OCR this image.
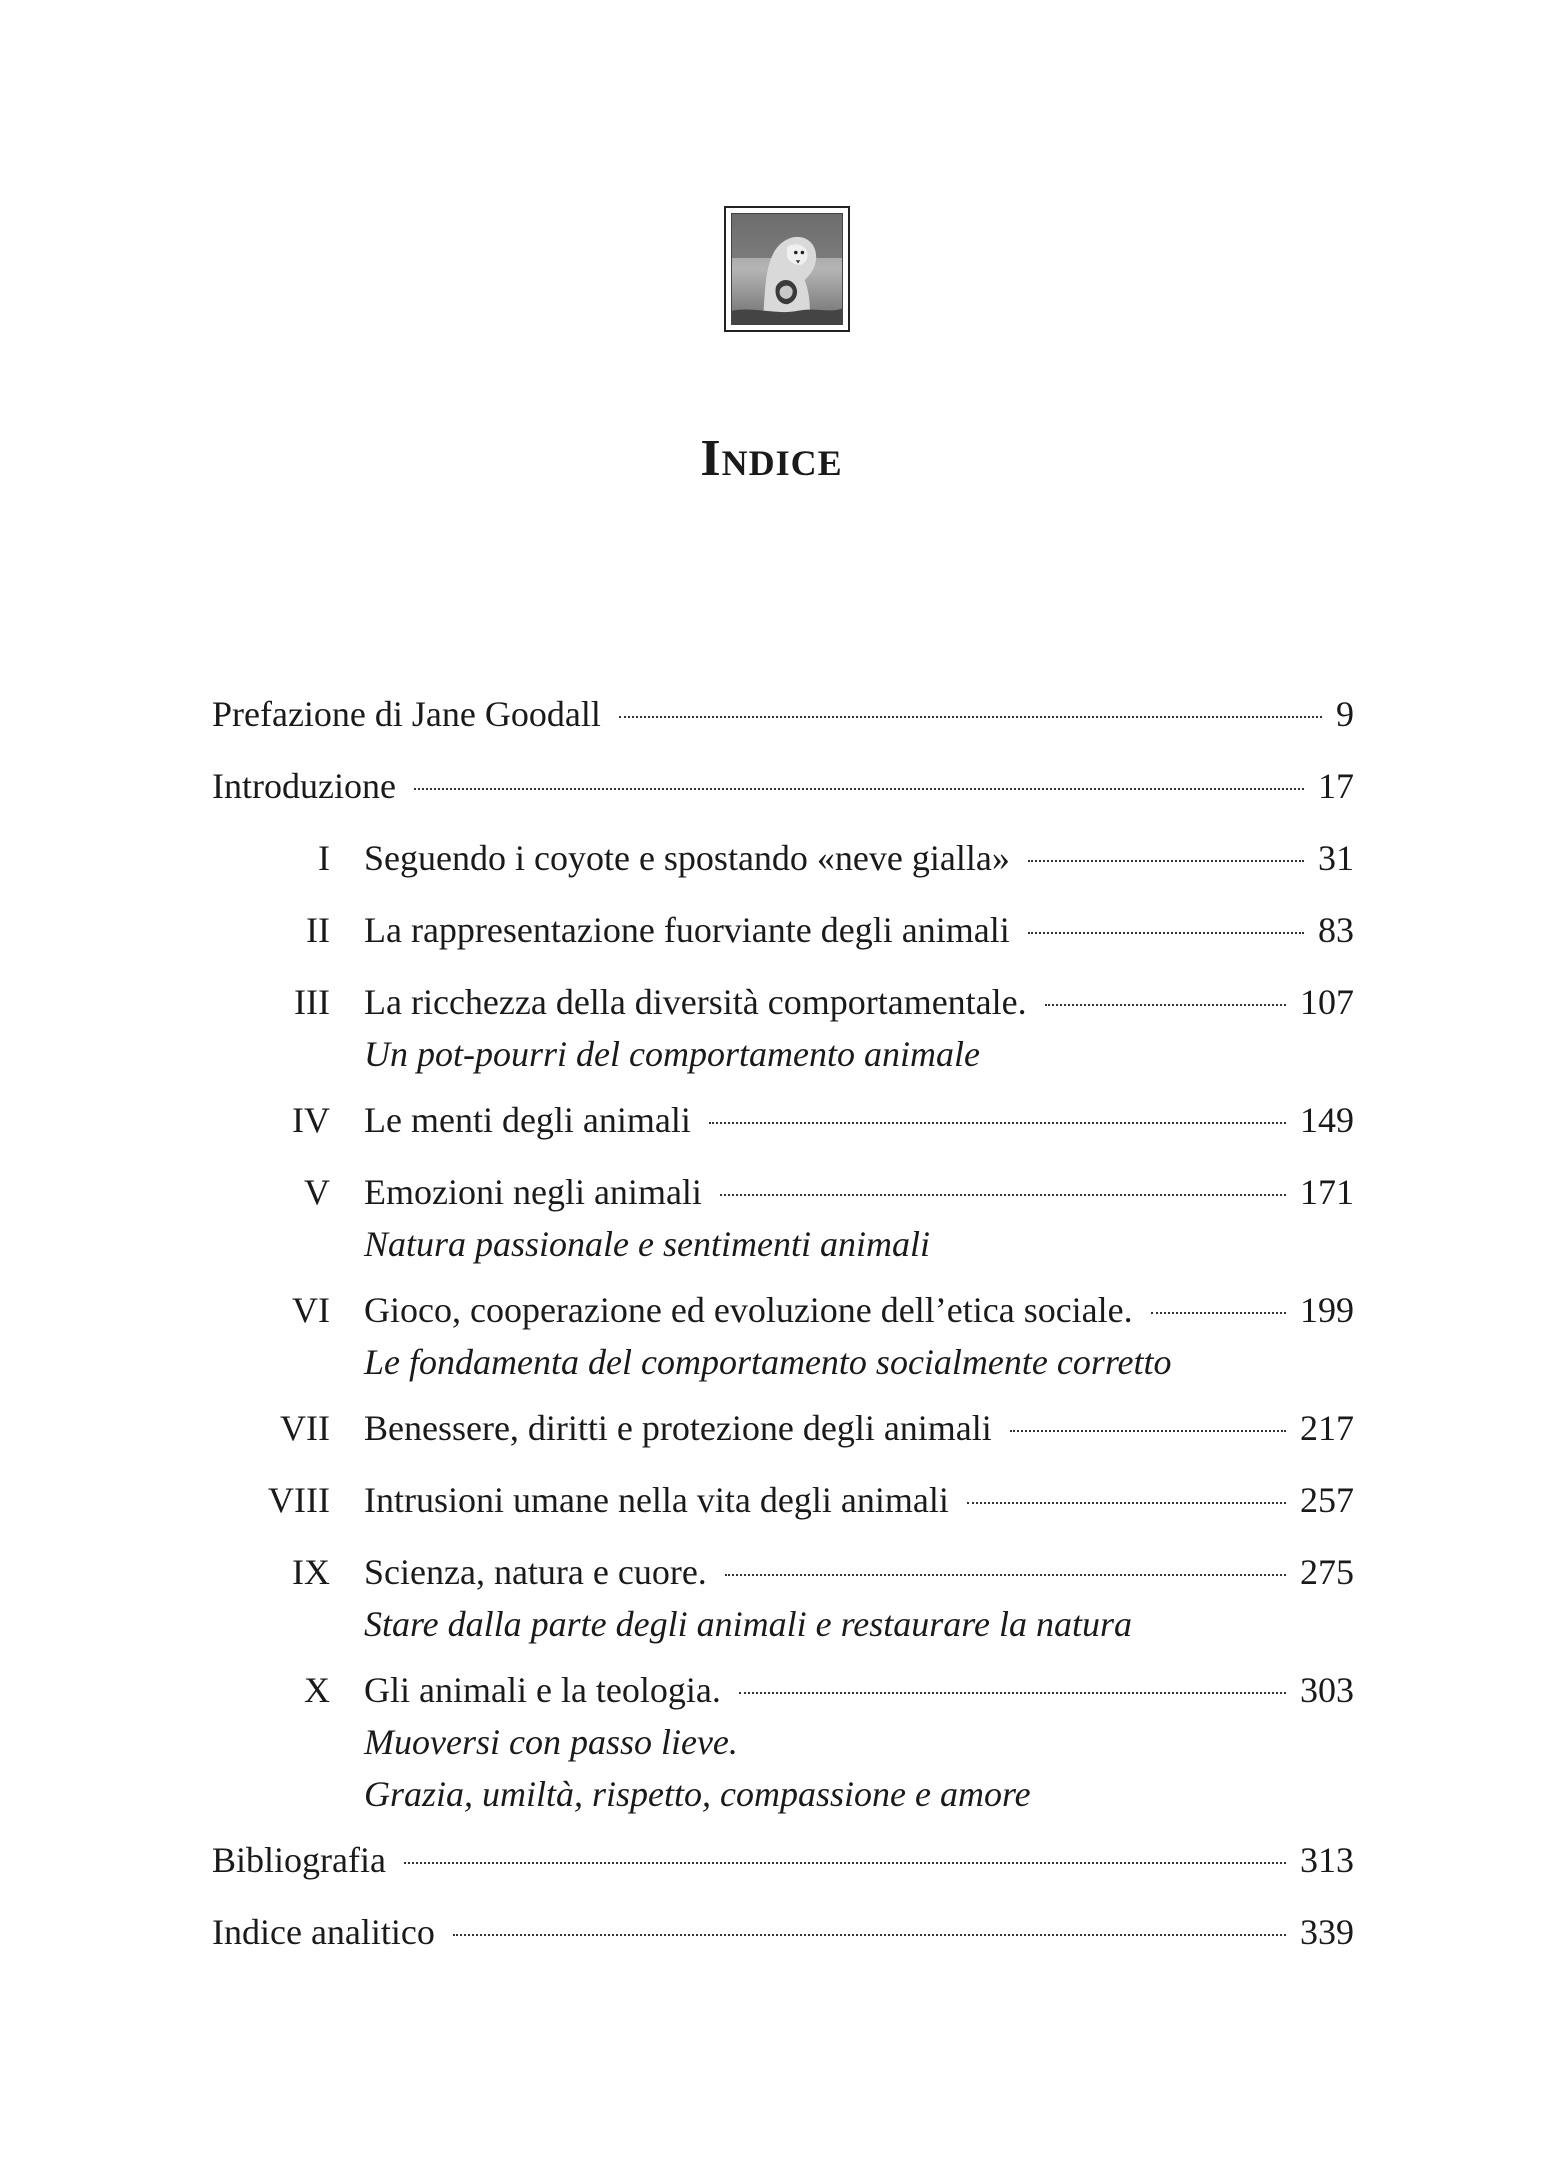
Indice
Prefazione di Jane Goodall	9
Introduzione	17
I Seguendo i coyote e spostando «neve gialla»	31
II La rappresentazione fuorviante degli animali	83
III La ricchezza della diversità comportamentale.	107
Un pot-pourri del comportamento animale
IV Le menti degli animali	149
V Emozioni negli animali	171
Natura passionale e sentimenti animali
VI Gioco, cooperazione ed evoluzione dell’etica sociale.	199
Le fondamenta del comportamento socialmente corretto
VII Benessere, diritti e protezione degli animali	217
VIII Intrusioni umane nella vita degli animali	257
IX Scienza, natura e cuore.	275
Stare dalla parte degli animali e restaurare la natura
X Gli animali e la teologia.	303
Muoversi con passo lieve.
Grazia, umiltà, rispetto, compassione e amore
Bibliografia	313
Indice analitico	339
